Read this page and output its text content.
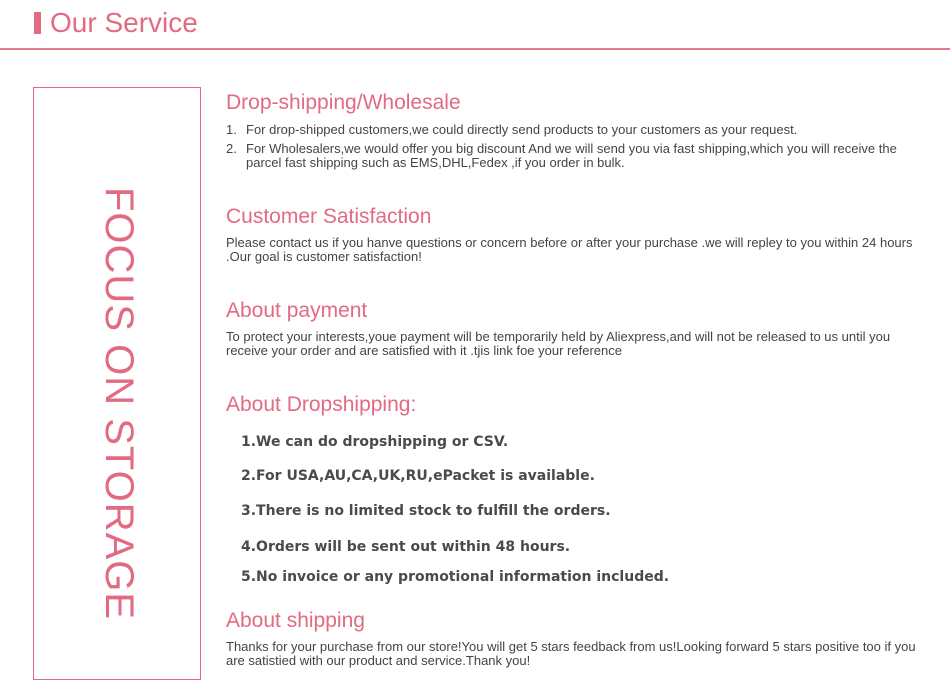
Our Service
FOCUS ON STORAGE
Drop-shipping/Wholesale
1. For drop-shipped customers,we could directly send products to your customers as your request.
2. For Wholesalers,we would offer you big discount And we will send you via fast shipping,which you will receive the parcel fast shipping such as EMS,DHL,Fedex ,if you order in bulk.
Customer Satisfaction

Please contact us if you hanve questions or concern before or after your purchase .we will repley to you within 24 hours .Our goal is customer satisfaction!

About payment

To protect your interests,youe payment will be temporarily held by Aliexpress,and will not be released to us until you receive your order and are satisfied with it .tjis link foe your reference

About Dropshipping:
1.We can do dropshipping or CSV.
2.For USA,AU,CA,UK,RU,ePacket is available.
3.There is no limited stock to fulfill the orders.
4.Orders will be sent out within 48 hours.
5.No invoice or any promotional information included.
About shipping

Thanks for your purchase from our store!You will get 5 stars feedback from us!Looking forward 5 stars positive too if you are satistied with our product and service.Thank you!
